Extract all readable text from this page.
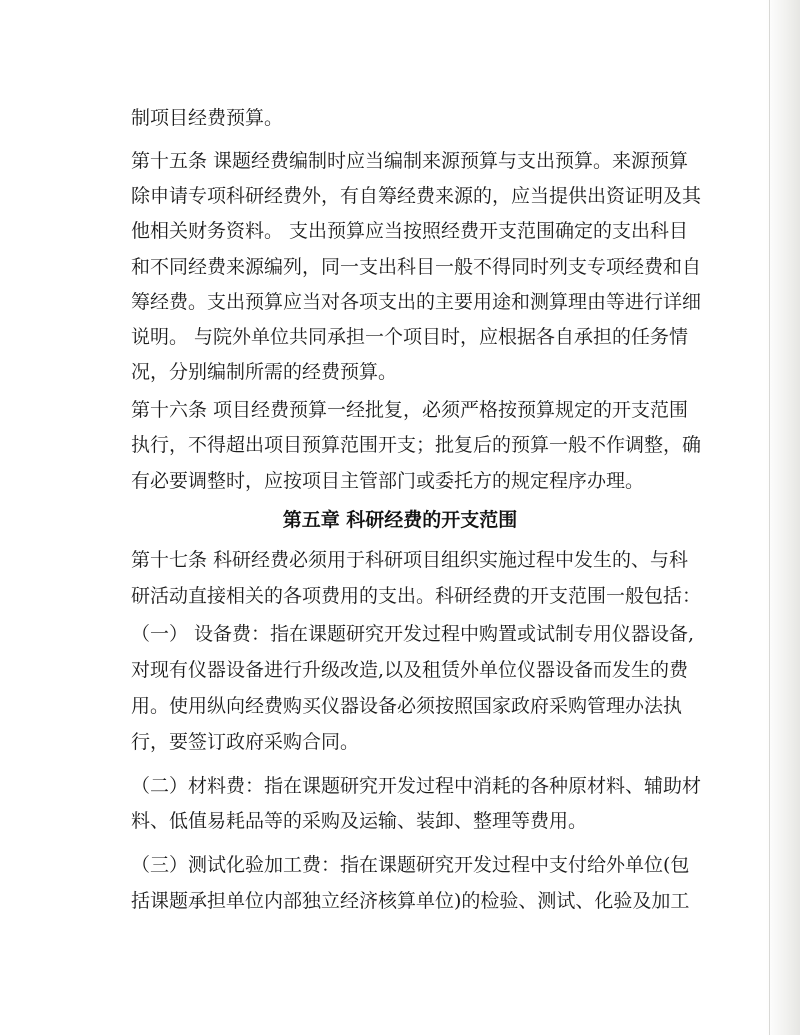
制项目经费预算。
第十五条 课题经费编制时应当编制来源预算与支出预算。来源预算
除申请专项科研经费外，有自筹经费来源的，应当提供出资证明及其
他相关财务资料。 支出预算应当按照经费开支范围确定的支出科目
和不同经费来源编列，同一支出科目一般不得同时列支专项经费和自
筹经费。支出预算应当对各项支出的主要用途和测算理由等进行详细
说明。 与院外单位共同承担一个项目时，应根据各自承担的任务情
况，分别编制所需的经费预算。
第十六条 项目经费预算一经批复，必须严格按预算规定的开支范围
执行，不得超出项目预算范围开支；批复后的预算一般不作调整，确
有必要调整时，应按项目主管部门或委托方的规定程序办理。
第五章 科研经费的开支范围
第十七条 科研经费必须用于科研项目组织实施过程中发生的、与科
研活动直接相关的各项费用的支出。科研经费的开支范围一般包括：
（一） 设备费：指在课题研究开发过程中购置或试制专用仪器设备,
对现有仪器设备进行升级改造,以及租赁外单位仪器设备而发生的费
用。使用纵向经费购买仪器设备必须按照国家政府采购管理办法执
行，要签订政府采购合同。
（二）材料费：指在课题研究开发过程中消耗的各种原材料、辅助材
料、低值易耗品等的采购及运输、装卸、整理等费用。
（三）测试化验加工费：指在课题研究开发过程中支付给外单位(包
括课题承担单位内部独立经济核算单位)的检验、测试、化验及加工
